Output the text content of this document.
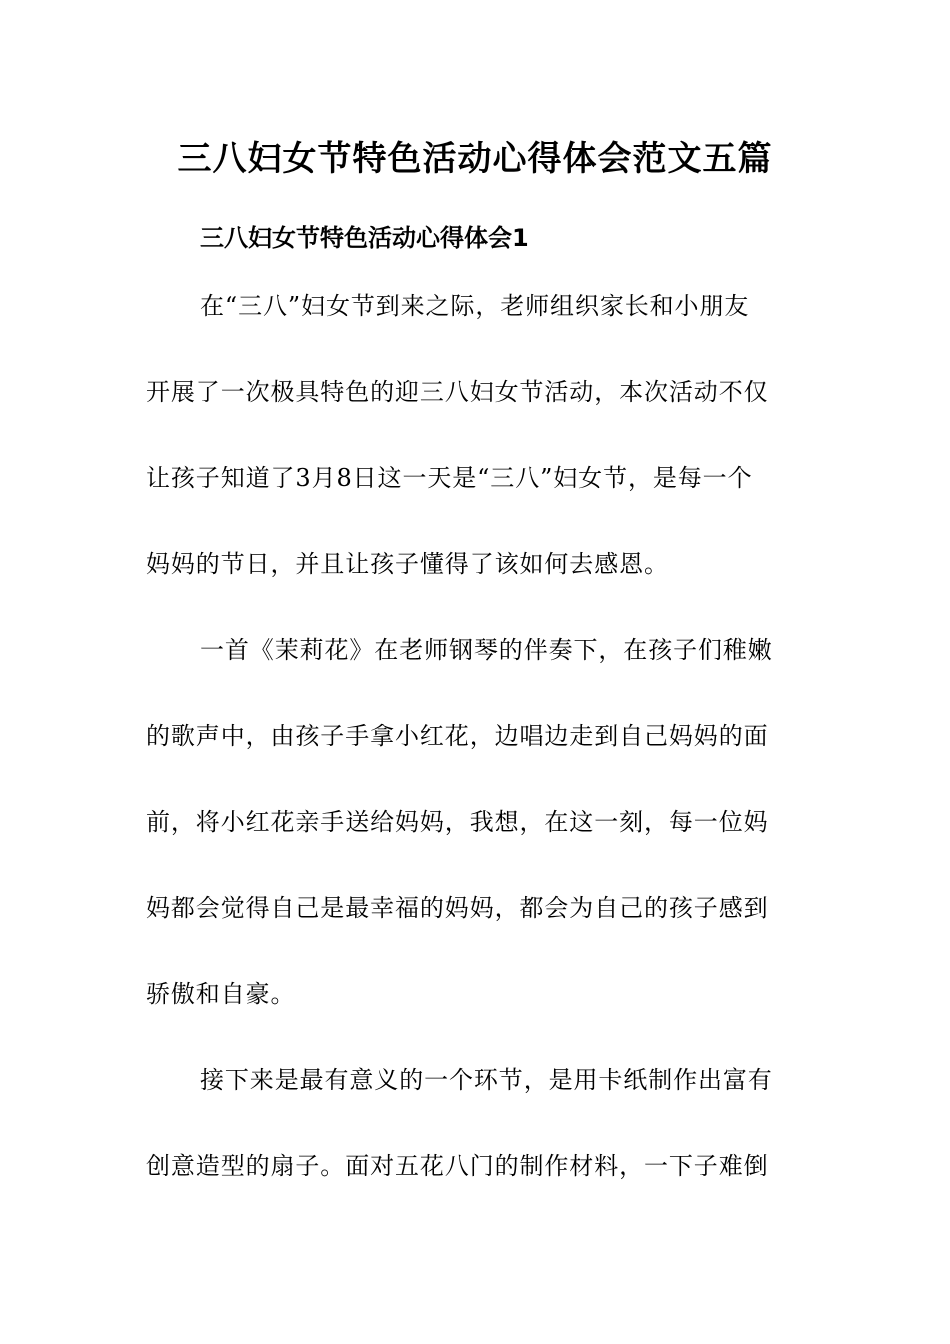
三八妇女节特色活动心得体会范文五篇
三八妇女节特色活动心得体会1
在“三八”妇女节到来之际，老师组织家长和小朋友
开展了一次极具特色的迎三八妇女节活动，本次活动不仅
让孩子知道了3月8日这一天是“三八”妇女节，是每一个
妈妈的节日，并且让孩子懂得了该如何去感恩。
一首《茉莉花》在老师钢琴的伴奏下，在孩子们稚嫩
的歌声中，由孩子手拿小红花，边唱边走到自己妈妈的面
前，将小红花亲手送给妈妈，我想，在这一刻，每一位妈
妈都会觉得自己是最幸福的妈妈，都会为自己的孩子感到
骄傲和自豪。
接下来是最有意义的一个环节，是用卡纸制作出富有
创意造型的扇子。面对五花八门的制作材料，一下子难倒
